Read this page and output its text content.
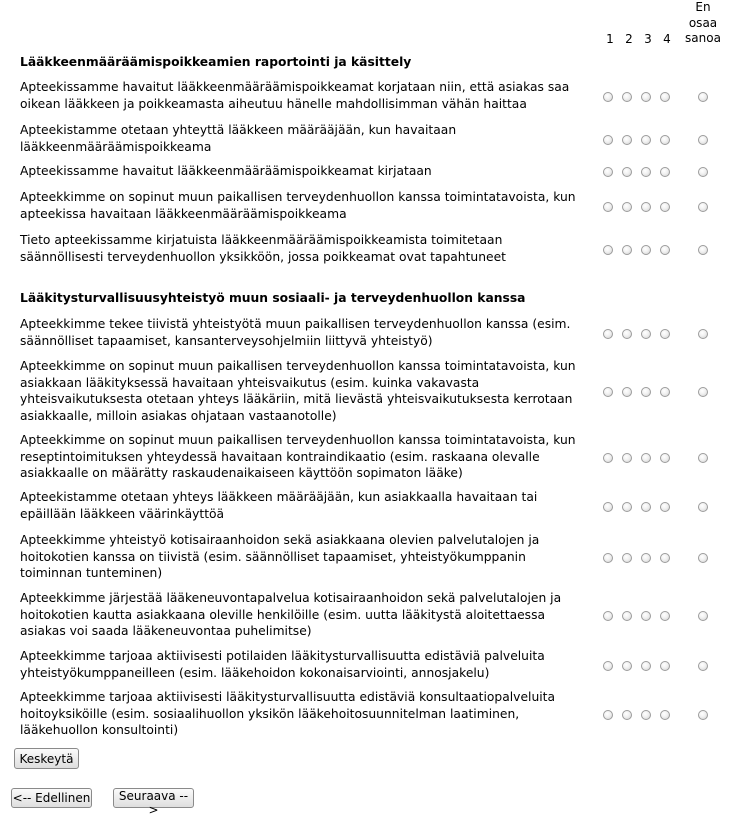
1 2 3 4
En
osaa
sanoa
Lääkkeenmääräämispoikkeamien raportointi ja käsittely
Apteekissamme havaitut lääkkeenmääräämispoikkeamat korjataan niin, että asiakas saa
oikean lääkkeen ja poikkeamasta aiheutuu hänelle mahdollisimman vähän haittaa
Apteekistamme otetaan yhteyttä lääkkeen määrääjään, kun havaitaan
lääkkeenmääräämispoikkeama
Apteekissamme havaitut lääkkeenmääräämispoikkeamat kirjataan
Apteekkimme on sopinut muun paikallisen terveydenhuollon kanssa toimintatavoista, kun
apteekissa havaitaan lääkkeenmääräämispoikkeama
Tieto apteekissamme kirjatuista lääkkeenmääräämispoikkeamista toimitetaan
säännöllisesti terveydenhuollon yksikköön, jossa poikkeamat ovat tapahtuneet
Lääkitysturvallisuusyhteistyö muun sosiaali- ja terveydenhuollon kanssa
Apteekkimme tekee tiivistä yhteistyötä muun paikallisen terveydenhuollon kanssa (esim.
säännölliset tapaamiset, kansanterveysohjelmiin liittyvä yhteistyö)
Apteekkimme on sopinut muun paikallisen terveydenhuollon kanssa toimintatavoista, kun
asiakkaan lääkityksessä havaitaan yhteisvaikutus (esim. kuinka vakavasta
yhteisvaikutuksesta otetaan yhteys lääkäriin, mitä lievästä yhteisvaikutuksesta kerrotaan
asiakkaalle, milloin asiakas ohjataan vastaanotolle)
Apteekkimme on sopinut muun paikallisen terveydenhuollon kanssa toimintatavoista, kun
reseptintoimituksen yhteydessä havaitaan kontraindikaatio (esim. raskaana olevalle
asiakkaalle on määrätty raskaudenaikaiseen käyttöön sopimaton lääke)
Apteekistamme otetaan yhteys lääkkeen määrääjään, kun asiakkaalla havaitaan tai
epäillään lääkkeen väärinkäyttöä
Apteekkimme yhteistyö kotisairaanhoidon sekä asiakkaana olevien palvelutalojen ja
hoitokotien kanssa on tiivistä (esim. säännölliset tapaamiset, yhteistyökumppanin
toiminnan tunteminen)
Apteekkimme järjestää lääkeneuvontapalvelua kotisairaanhoidon sekä palvelutalojen ja
hoitokotien kautta asiakkaana oleville henkilöille (esim. uutta lääkitystä aloitettaessa
asiakas voi saada lääkeneuvontaa puhelimitse)
Apteekkimme tarjoaa aktiivisesti potilaiden lääkitysturvallisuutta edistäviä palveluita
yhteistyökumppaneilleen (esim. lääkehoidon kokonaisarviointi, annosjakelu)
Apteekkimme tarjoaa aktiivisesti lääkitysturvallisuutta edistäviä konsultaatiopalveluita
hoitoyksiköille (esim. sosiaalihuollon yksikön lääkehoitosuunnitelman laatiminen,
lääkehuollon konsultointi)
Keskeytä
<-- Edellinen	Seuraava -->
